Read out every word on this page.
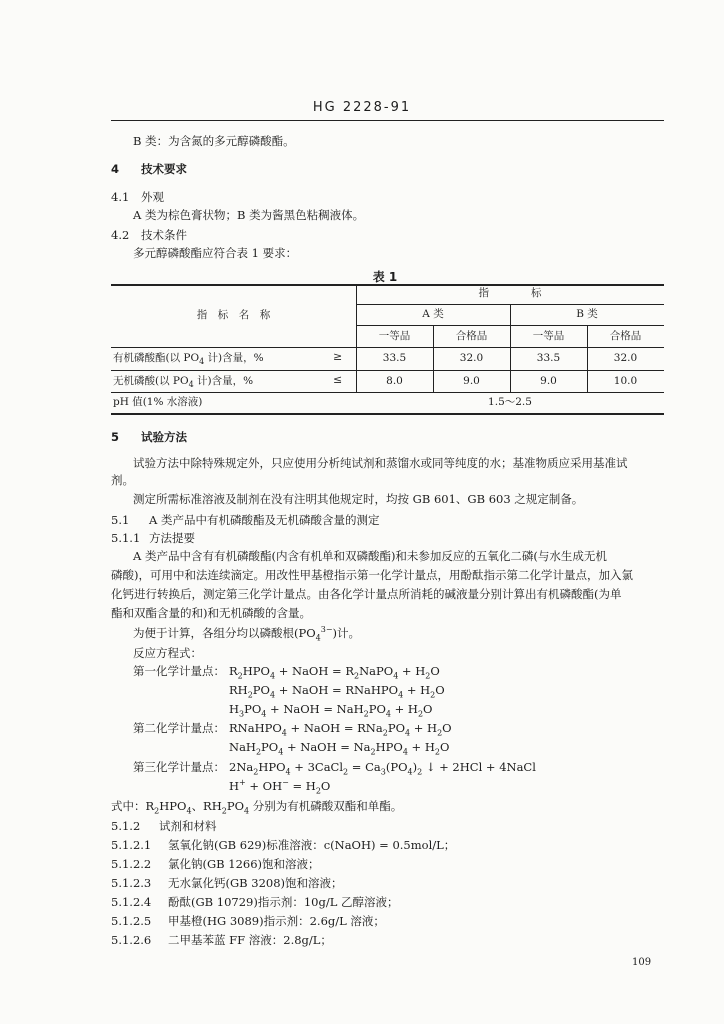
HG 2228-91
B 类：为含氮的多元醇磷酸酯。
4 技术要求
4.1 外观
A 类为棕色膏状物；B 类为酱黑色粘稠液体。
4.2 技术条件
多元醇磷酸酯应符合表 1 要求：
表 1
指　标　名　称
指　　　　标
A 类	B 类
一等品	合格品	一等品	合格品
有机磷酸酯(以 $PO_4$ 计)含量，%	≥	33.5	32.0	33.5	32.0
无机磷酸(以 $PO_4$ 计)含量，%	≤	8.0	9.0	9.0	10.0
pH 值(1% 水溶液)	1.5～2.5
5 试验方法
试验方法中除特殊规定外，只应使用分析纯试剂和蒸馏水或同等纯度的水；基准物质应采用基准试
剂。
测定所需标准溶液及制剂在没有注明其他规定时，均按 GB 601、GB 603 之规定制备。
5.1 A 类产品中有机磷酸酯及无机磷酸含量的测定
5.1.1 方法提要
A 类产品中含有有机磷酸酯(内含有机单和双磷酸酯)和未参加反应的五氧化二磷(与水生成无机
磷酸)，可用中和法连续滴定。用改性甲基橙指示第一化学计量点，用酚酞指示第二化学计量点，加入氯
化钙进行转换后，测定第三化学计量点。由各化学计量点所消耗的碱液量分别计算出有机磷酸酯(为单
酯和双酯含量的和)和无机磷酸的含量。
为便于计算，各组分均以磷酸根$(PO_4^{3-})$计。
反应方程式：
第一化学计量点： $R_2HPO_4$ + NaOH = $R_2NaPO_4 + H_2O$
$RH_2PO_4$ + NaOH = RNaHPO$_4$ + $H_2O$
$H_3PO_4$ + NaOH = $NaH_2PO_4 + H_2O$
第二化学计量点： RNaHPO$_4$ + NaOH = $RNa_2PO_4 + H_2O$
$NaH_2PO_4$ + NaOH = $Na_2HPO_4 + H_2O$
第三化学计量点： $2Na_2HPO_4$ + 3CaCl$_2$ = $Ca_3(PO_4)_2$ ↓ + 2HCl + 4NaCl
$H^+ + OH^- = H_2O$
式中：$R_2HPO_4$、$RH_2PO_4$ 分别为有机磷酸双酯和单酯。
5.1.2 试剂和材料
5.1.2.1 氢氧化钠(GB 629)标准溶液：c(NaOH) = 0.5mol/L；
5.1.2.2 氯化钠(GB 1266)饱和溶液；
5.1.2.3 无水氯化钙(GB 3208)饱和溶液；
5.1.2.4 酚酞(GB 10729)指示剂：10g/L 乙醇溶液；
5.1.2.5 甲基橙(HG 3089)指示剂：2.6g/L 溶液；
5.1.2.6 二甲基苯蓝 FF 溶液：2.8g/L；
109
